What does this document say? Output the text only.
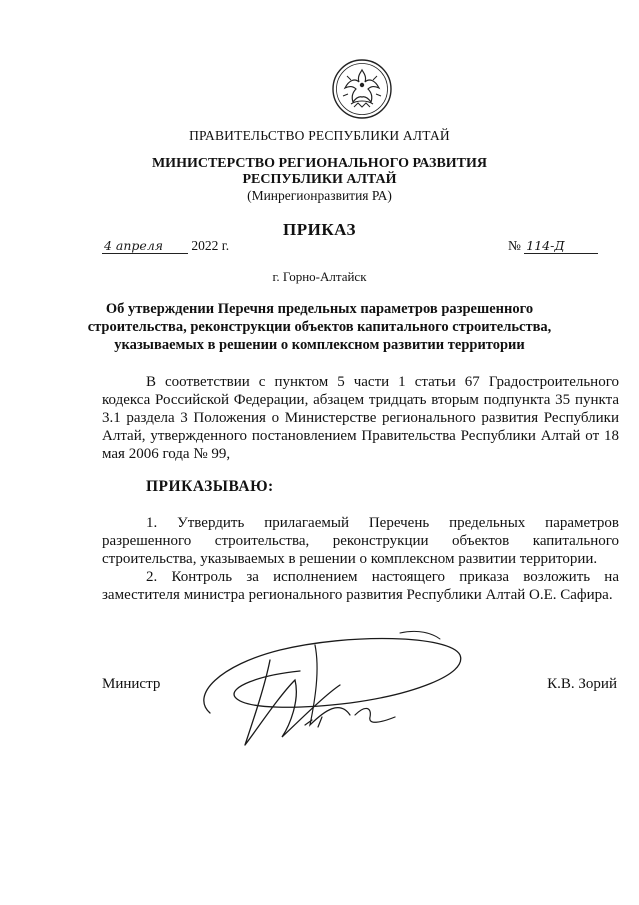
ПРАВИТЕЛЬСТВО РЕСПУБЛИКИ АЛТАЙ
МИНИСТЕРСТВО РЕГИОНАЛЬНОГО РАЗВИТИЯ
РЕСПУБЛИКИ АЛТАЙ
(Минрегионразвития РА)
ПРИКАЗ
4 апреля 2022 г.	№ 114-Д
г. Горно-Алтайск
Об утверждении Перечня предельных параметров разрешенного
строительства, реконструкции объектов капитального строительства,
указываемых в решении о комплексном развитии территории
В соответствии с пунктом 5 части 1 статьи 67 Градостроительного кодекса Российской Федерации, абзацем тридцать вторым подпункта 35 пункта 3.1 раздела 3 Положения о Министерстве регионального развития Республики Алтай, утвержденного постановлением Правительства Республики Алтай от 18 мая 2006 года № 99,
ПРИКАЗЫВАЮ:
1. Утвердить прилагаемый Перечень предельных параметров разрешенного строительства, реконструкции объектов капитального строительства, указываемых в решении о комплексном развитии территории.
2. Контроль за исполнением настоящего приказа возложить на заместителя министра регионального развития Республики Алтай О.Е. Сафира.
Министр	К.В. Зорий
